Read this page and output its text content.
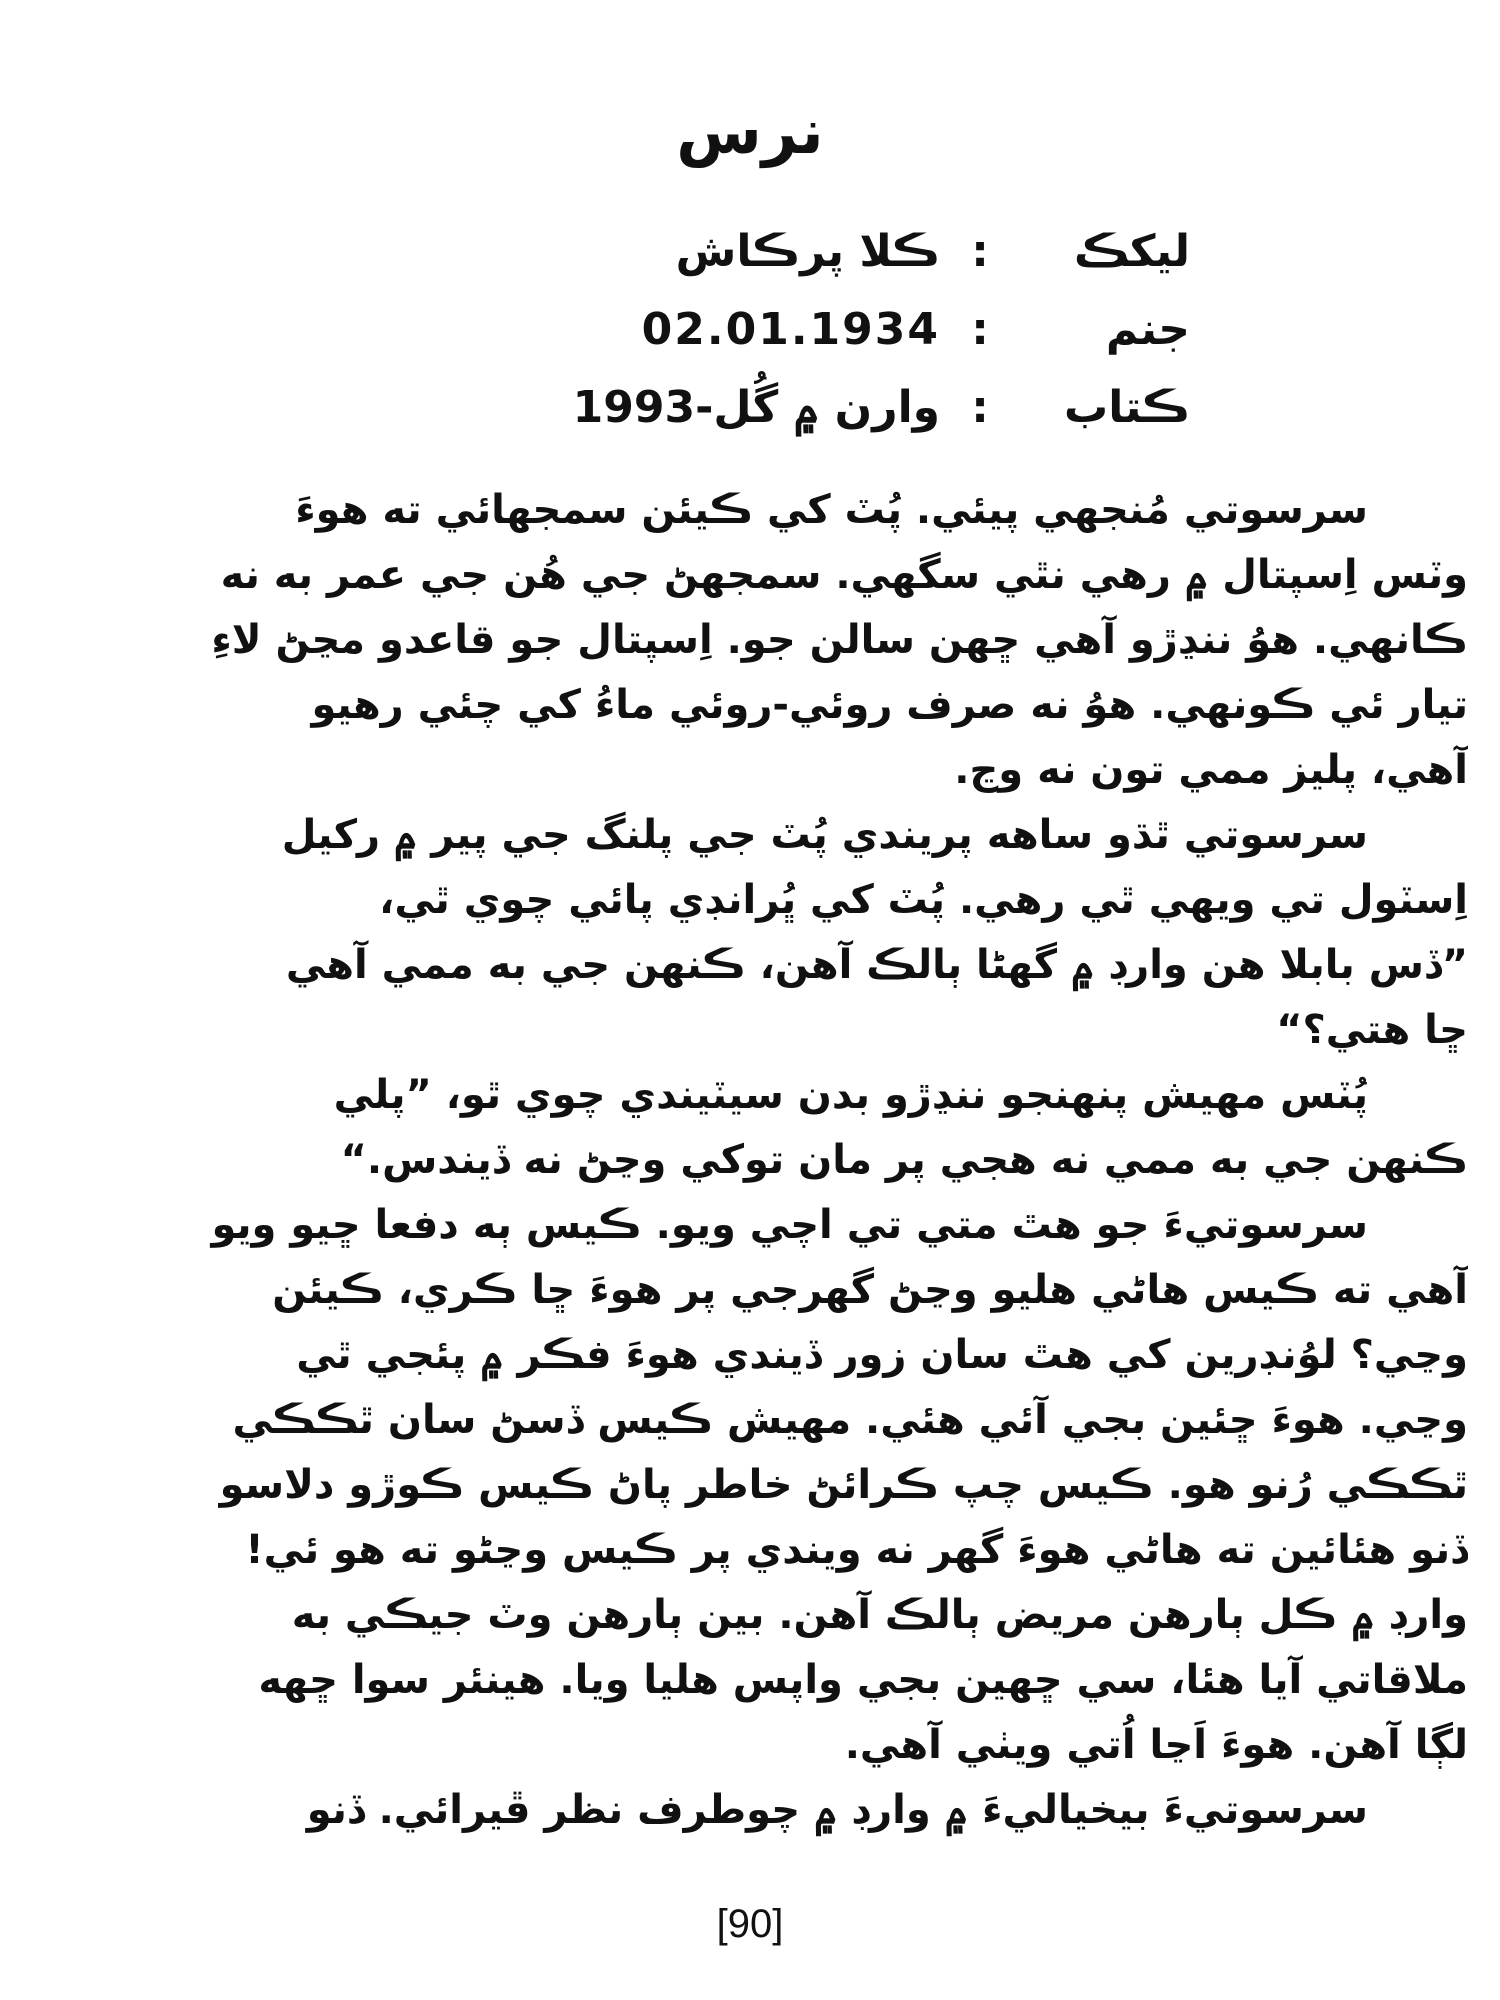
نرس
ليکڪ
:
ڪلا پرڪاش
جنم
:
02.01.1934
ڪتاب
:
وارن ۾ گُل-1993
سرسوتي مُنجهي پيئي. پُٽ کي ڪيئن سمجهائي ته هوءَ
وٽس اِسپتال ۾ رهي نٿي سگهي. سمجهڻ جي هُن جي عمر به نه
ڪانهي. هوُ ننڍڙو آهي ڇهن سالن جو. اِسپتال جو قاعدو مڃڻ لاءِ
تيار ئي ڪونهي. هوُ نه صرف روئي-روئي ماءُ کي چئي رهيو
آهي، پليز ممي تون نه وڃ.
سرسوتي ٿڌو ساهه پريندي پُٽ جي پلنگ جي پير ۾ رکيل
اِسٽول تي ويهي ٿي رهي. پُٽ کي ڀُرانڊي پائي چوي ٿي،
”ڏس بابلا هن وارڊ ۾ گهڻا ٻالڪ آهن، ڪنهن جي به ممي آهي
ڇا هتي؟“
پُٽس مهيش پنهنجو ننڍڙو بدن سيٽيندي چوي ٿو، ”پلي
ڪنهن جي به ممي نه هجي پر مان توکي وڃڻ نه ڏيندس.“
سرسوتيءَ جو هٿ متي تي اچي ويو. ڪيس ٻه دفعا ڇيو ويو
آهي ته ڪيس هاڻي هليو وڃڻ گهرجي پر هوءَ ڇا ڪري، ڪيئن
وڃي؟ لوُنڊرين کي هٿ سان زور ڏيندي هوءَ فڪر ۾ پئجي ٿي
وڃي. هوءَ ڇئين بجي آئي هئي. مهيش ڪيس ڏسڻ سان ٿڪڪي
ٿڪڪي رُنو هو. ڪيس چپ ڪرائڻ خاطر پاڻ ڪيس ڪوڙو دلاسو
ڏنو هئائين ته هاڻي هوءَ گهر نه ويندي پر ڪيس وڃڻو ته هو ئي!
وارڊ ۾ ڪل ٻارهن مريض ٻالڪ آهن. بين ٻارهن وٽ جيڪي به
ملاقاتي آيا هئا، سي ڇهين بجي واپس هليا ويا. هينئر سوا ڇهه
لڳا آهن. هوءَ اَڃا اُتي ويٺي آهي.
سرسوتيءَ بيخياليءَ ۾ وارڊ ۾ چوطرف نظر ڦيرائي. ڏنو
[90]
